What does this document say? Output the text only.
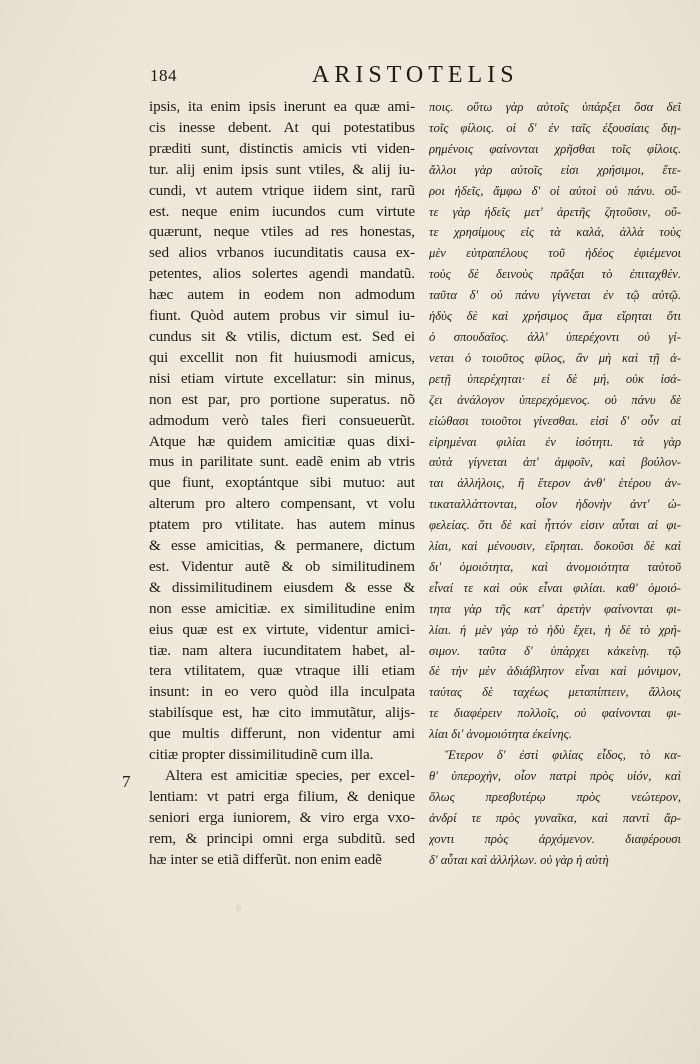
184	ARISTOTELIS
ipsis, ita enim ipsis inerunt ea quæ ami-
cis inesse debent. At qui potestatibus
præditi sunt, distinctis amicis vti viden-
tur. alij enim ipsis sunt vtiles, & alij iu-
cundi, vt autem vtrique iidem sint, rarũ
est. neque enim iucundos cum virtute
quærunt, neque vtiles ad res honestas,
sed alios vrbanos iucunditatis causa ex-
petentes, alios solertes agendi mandatũ.
hæc autem in eodem non admodum
fiunt. Quòd autem probus vir simul iu-
cundus sit & vtilis, dictum est. Sed ei
qui excellit non fit huiusmodi amicus,
nisi etiam virtute excellatur: sin minus,
non est par, pro portione superatus. nõ
admodum verò tales fieri consueuerũt.
Atque hæ quidem amicitiæ quas dixi-
mus in parilitate sunt. eadẽ enim ab vtris
que fiunt, exoptántque sibi mutuo: aut
alterum pro altero compensant, vt volu
ptatem pro vtilitate. has autem minus
& esse amicitias, & permanere, dictum
est. Videntur autẽ & ob similitudinem
& dissimilitudinem eiusdem & esse &
non esse amicitiæ. ex similitudine enim
eius quæ est ex virtute, videntur amici-
tiæ. nam altera iucunditatem habet, al-
tera vtilitatem, quæ vtraque illi etiam
insunt: in eo vero quòd illa inculpata
stabilísque est, hæ cito immutãtur, alijs-
que multis differunt, non videntur ami
citiæ propter dissimilitudinẽ cum illa.
Altera est amicitiæ species, per excel-
lentiam: vt patri erga filium, & denique
seniori erga iuniorem, & viro erga vxo-
rem, & principi omni erga subditũ. sed
hæ inter se etiã differũt. non enim eadẽ
ποις. οὕτω γὰρ αὐτοῖς ὑπάρξει ὅσα δεῖ
τοῖς φίλοις. οἱ δ' ἐν ταῖς ἐξουσίαις διῃ-
ρημένοις φαίνονται χρῆσθαι τοῖς φίλοις.
ἄλλοι γὰρ αὐτοῖς εἰσι χρήσιμοι, ἕτε-
ροι ἡδεῖς, ἄμφω δ' οἱ αὐτοὶ οὐ πάνυ. οὔ-
τε γὰρ ἡδεῖς μετ' ἀρετῆς ζητοῦσιν, οὔ-
τε χρησίμους εἰς τὰ καλά, ἀλλὰ τοὺς
μὲν εὐτραπέλους τοῦ ἡδέος ἐφιέμενοι
τοὺς δὲ δεινοὺς πρᾶξαι τὸ ἐπιταχθέν.
ταῦτα δ' οὐ πάνυ γίγνεται ἐν τῷ αὐτῷ.
ἡδὺς δὲ καὶ χρήσιμος ἅμα εἴρηται ὅτι
ὁ σπουδαῖος. ἀλλ' ὑπερέχοντι οὐ γί-
νεται ὁ τοιοῦτος φίλος, ἂν μὴ καὶ τῇ ἀ-
ρετῇ ὑπερέχηται· εἰ δὲ μή, οὐκ ἰσά-
ζει ἀνάλογον ὑπερεχόμενος. οὐ πάνυ δὲ
εἰώθασι τοιοῦτοι γίνεσθαι. εἰσὶ δ' οὖν αἱ
εἰρημέναι φιλίαι ἐν ἰσότητι. τὰ γὰρ
αὐτὰ γίγνεται ἀπ' ἀμφοῖν, καὶ βούλον-
ται ἀλλήλοις, ἢ ἕτερον ἀνθ' ἑτέρου ἀν-
τικαταλλάττονται, οἷον ἡδονὴν ἀντ' ὠ-
φελείας. ὅτι δὲ καὶ ἧττόν εἰσιν αὗται αἱ φι-
λίαι, καὶ μένουσιν, εἴρηται. δοκοῦσι δὲ καὶ
δι' ὁμοιότητα, καὶ ἀνομοιότητα ταὐτοῦ
εἶναί τε καὶ οὐκ εἶναι φιλίαι. καθ' ὁμοιό-
τητα γὰρ τῆς κατ' ἀρετὴν φαίνονται φι-
λίαι. ἡ μὲν γὰρ τὸ ἡδὺ ἔχει, ἡ δὲ τὸ χρή-
σιμον. ταῦτα δ' ὑπάρχει κἀκείνῃ. τῷ
δὲ τὴν μὲν ἀδιάβλητον εἶναι καὶ μόνιμον,
ταύτας δὲ ταχέως μεταπίπτειν, ἄλλοις
τε διαφέρειν πολλοῖς, οὐ φαίνονται φι-
λίαι δι' ἀνομοιότητα ἐκείνης.
Ἕτερον δ' ἐστὶ φιλίας εἶδος, τὸ κα-
θ' ὑπεροχὴν, οἷον πατρὶ πρὸς υἱόν, καὶ
ὅλως πρεσβυτέρῳ πρὸς νεώτερον,
ἀνδρί τε πρὸς γυναῖκα, καὶ παντὶ ἄρ-
χοντι πρὸς ἀρχόμενον. διαφέρουσι
δ' αὗται καὶ ἀλλήλων. οὐ γὰρ ἡ αὐτὴ
7
δ
